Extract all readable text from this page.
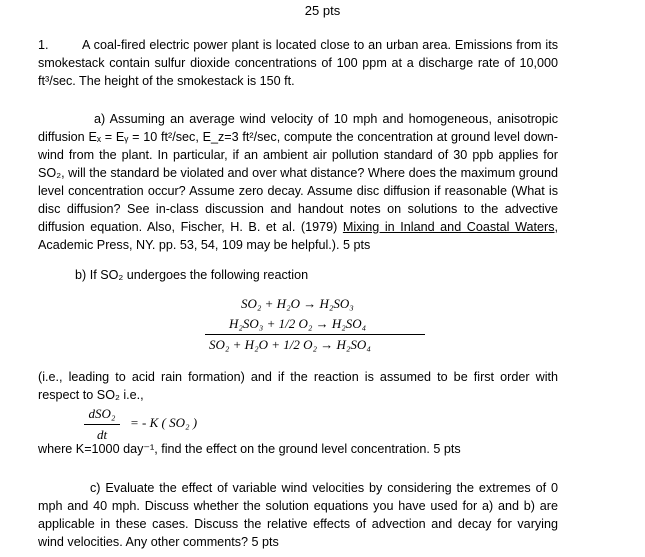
25 pts
1.	A coal-fired electric power plant is located close to an urban area. Emissions from its smokestack contain sulfur dioxide concentrations of 100 ppm at a discharge rate of 10,000 ft³/sec. The height of the smokestack is 150 ft.
a) Assuming an average wind velocity of 10 mph and homogeneous, anisotropic diffusion Eₓ = Eᵧ = 10 ft²/sec, E_z=3 ft²/sec, compute the concentration at ground level down-wind from the plant. In particular, if an ambient air pollution standard of 30 ppb applies for SO₂, will the standard be violated and over what distance? Where does the maximum ground level concentration occur? Assume zero decay. Assume disc diffusion if reasonable (What is disc diffusion? See in-class discussion and handout notes on solutions to the advective diffusion equation. Also, Fischer, H. B. et al. (1979) Mixing in Inland and Coastal Waters, Academic Press, NY. pp. 53, 54, 109 may be helpful.). 5 pts
b) If SO₂ undergoes the following reaction
SO₂ + H₂O → H₂SO₃
H₂SO₃ + 1/2 O₂ → H₂SO₄
SO₂ + H₂O + 1/2 O₂ → H₂SO₄
(i.e., leading to acid rain formation) and if the reaction is assumed to be first order with respect to SO₂ i.e.,
dSO₂
dt
= - K ( SO₂ )
where K=1000 day⁻¹, find the effect on the ground level concentration. 5 pts
c) Evaluate the effect of variable wind velocities by considering the extremes of 0 mph and 40 mph. Discuss whether the solution equations you have used for a) and b) are applicable in these cases. Discuss the relative effects of advection and decay for varying wind velocities. Any other comments? 5 pts
